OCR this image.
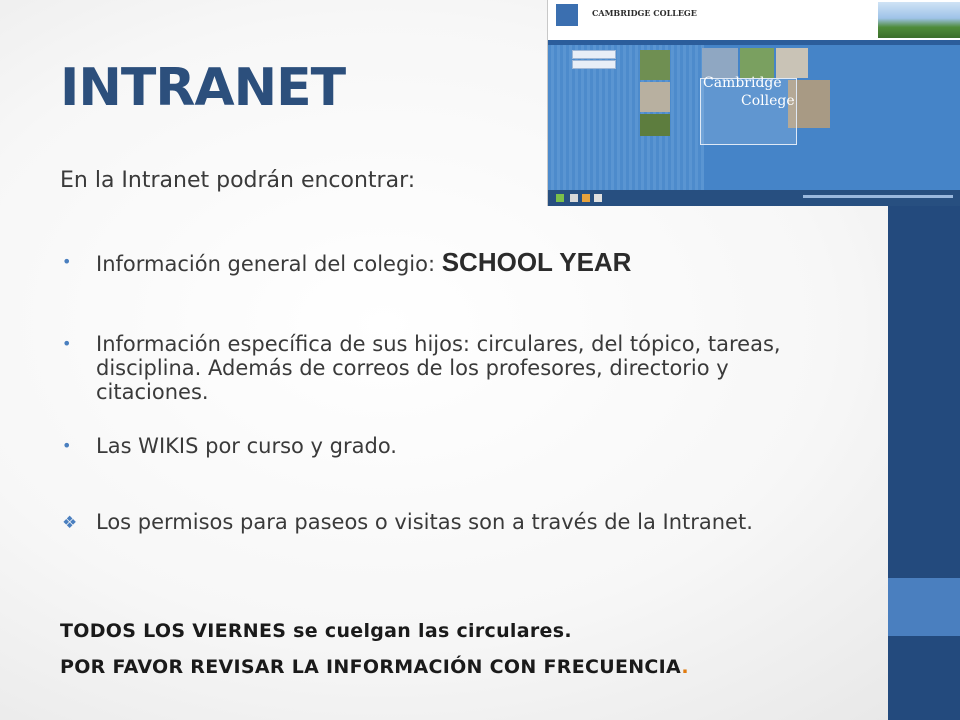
CAMBRIDGE COLLEGE
Cambridge
College
INTRANET

En la Intranet podrán encontrar:

• Información general del colegio: SCHOOL YEAR
• Información específica de sus hijos: circulares, del tópico, tareas, disciplina. Además de correos de los profesores, directorio y citaciones.
• Las WIKIS por curso y grado.
❖ Los permisos para paseos o visitas son a través de la Intranet.

TODOS LOS VIERNES se cuelgan las circulares.

POR FAVOR REVISAR LA INFORMACIÓN CON FRECUENCIA.
